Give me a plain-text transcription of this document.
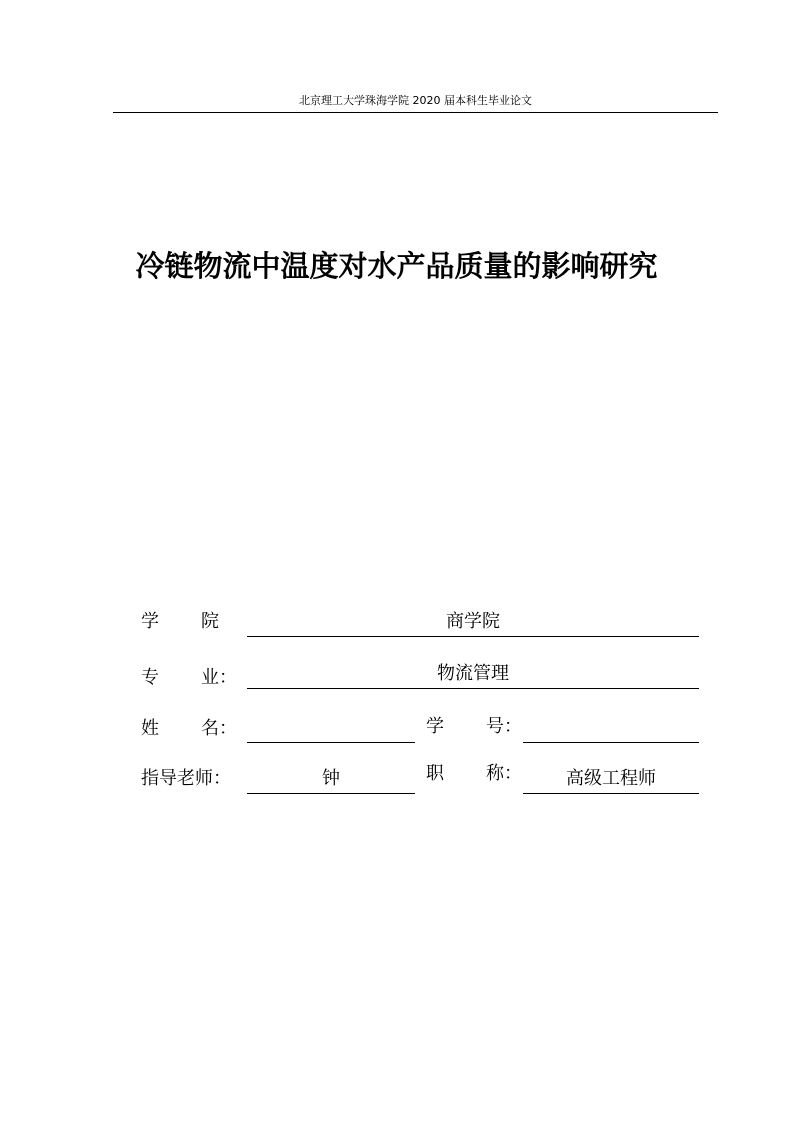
北京理工大学珠海学院 2020 届本科生毕业论文
冷链物流中温度对水产品质量的影响研究
学 院	商学院
专 业：	物流管理
姓 名：	学 号：
指导老师：	钟	职 称：	高级工程师
